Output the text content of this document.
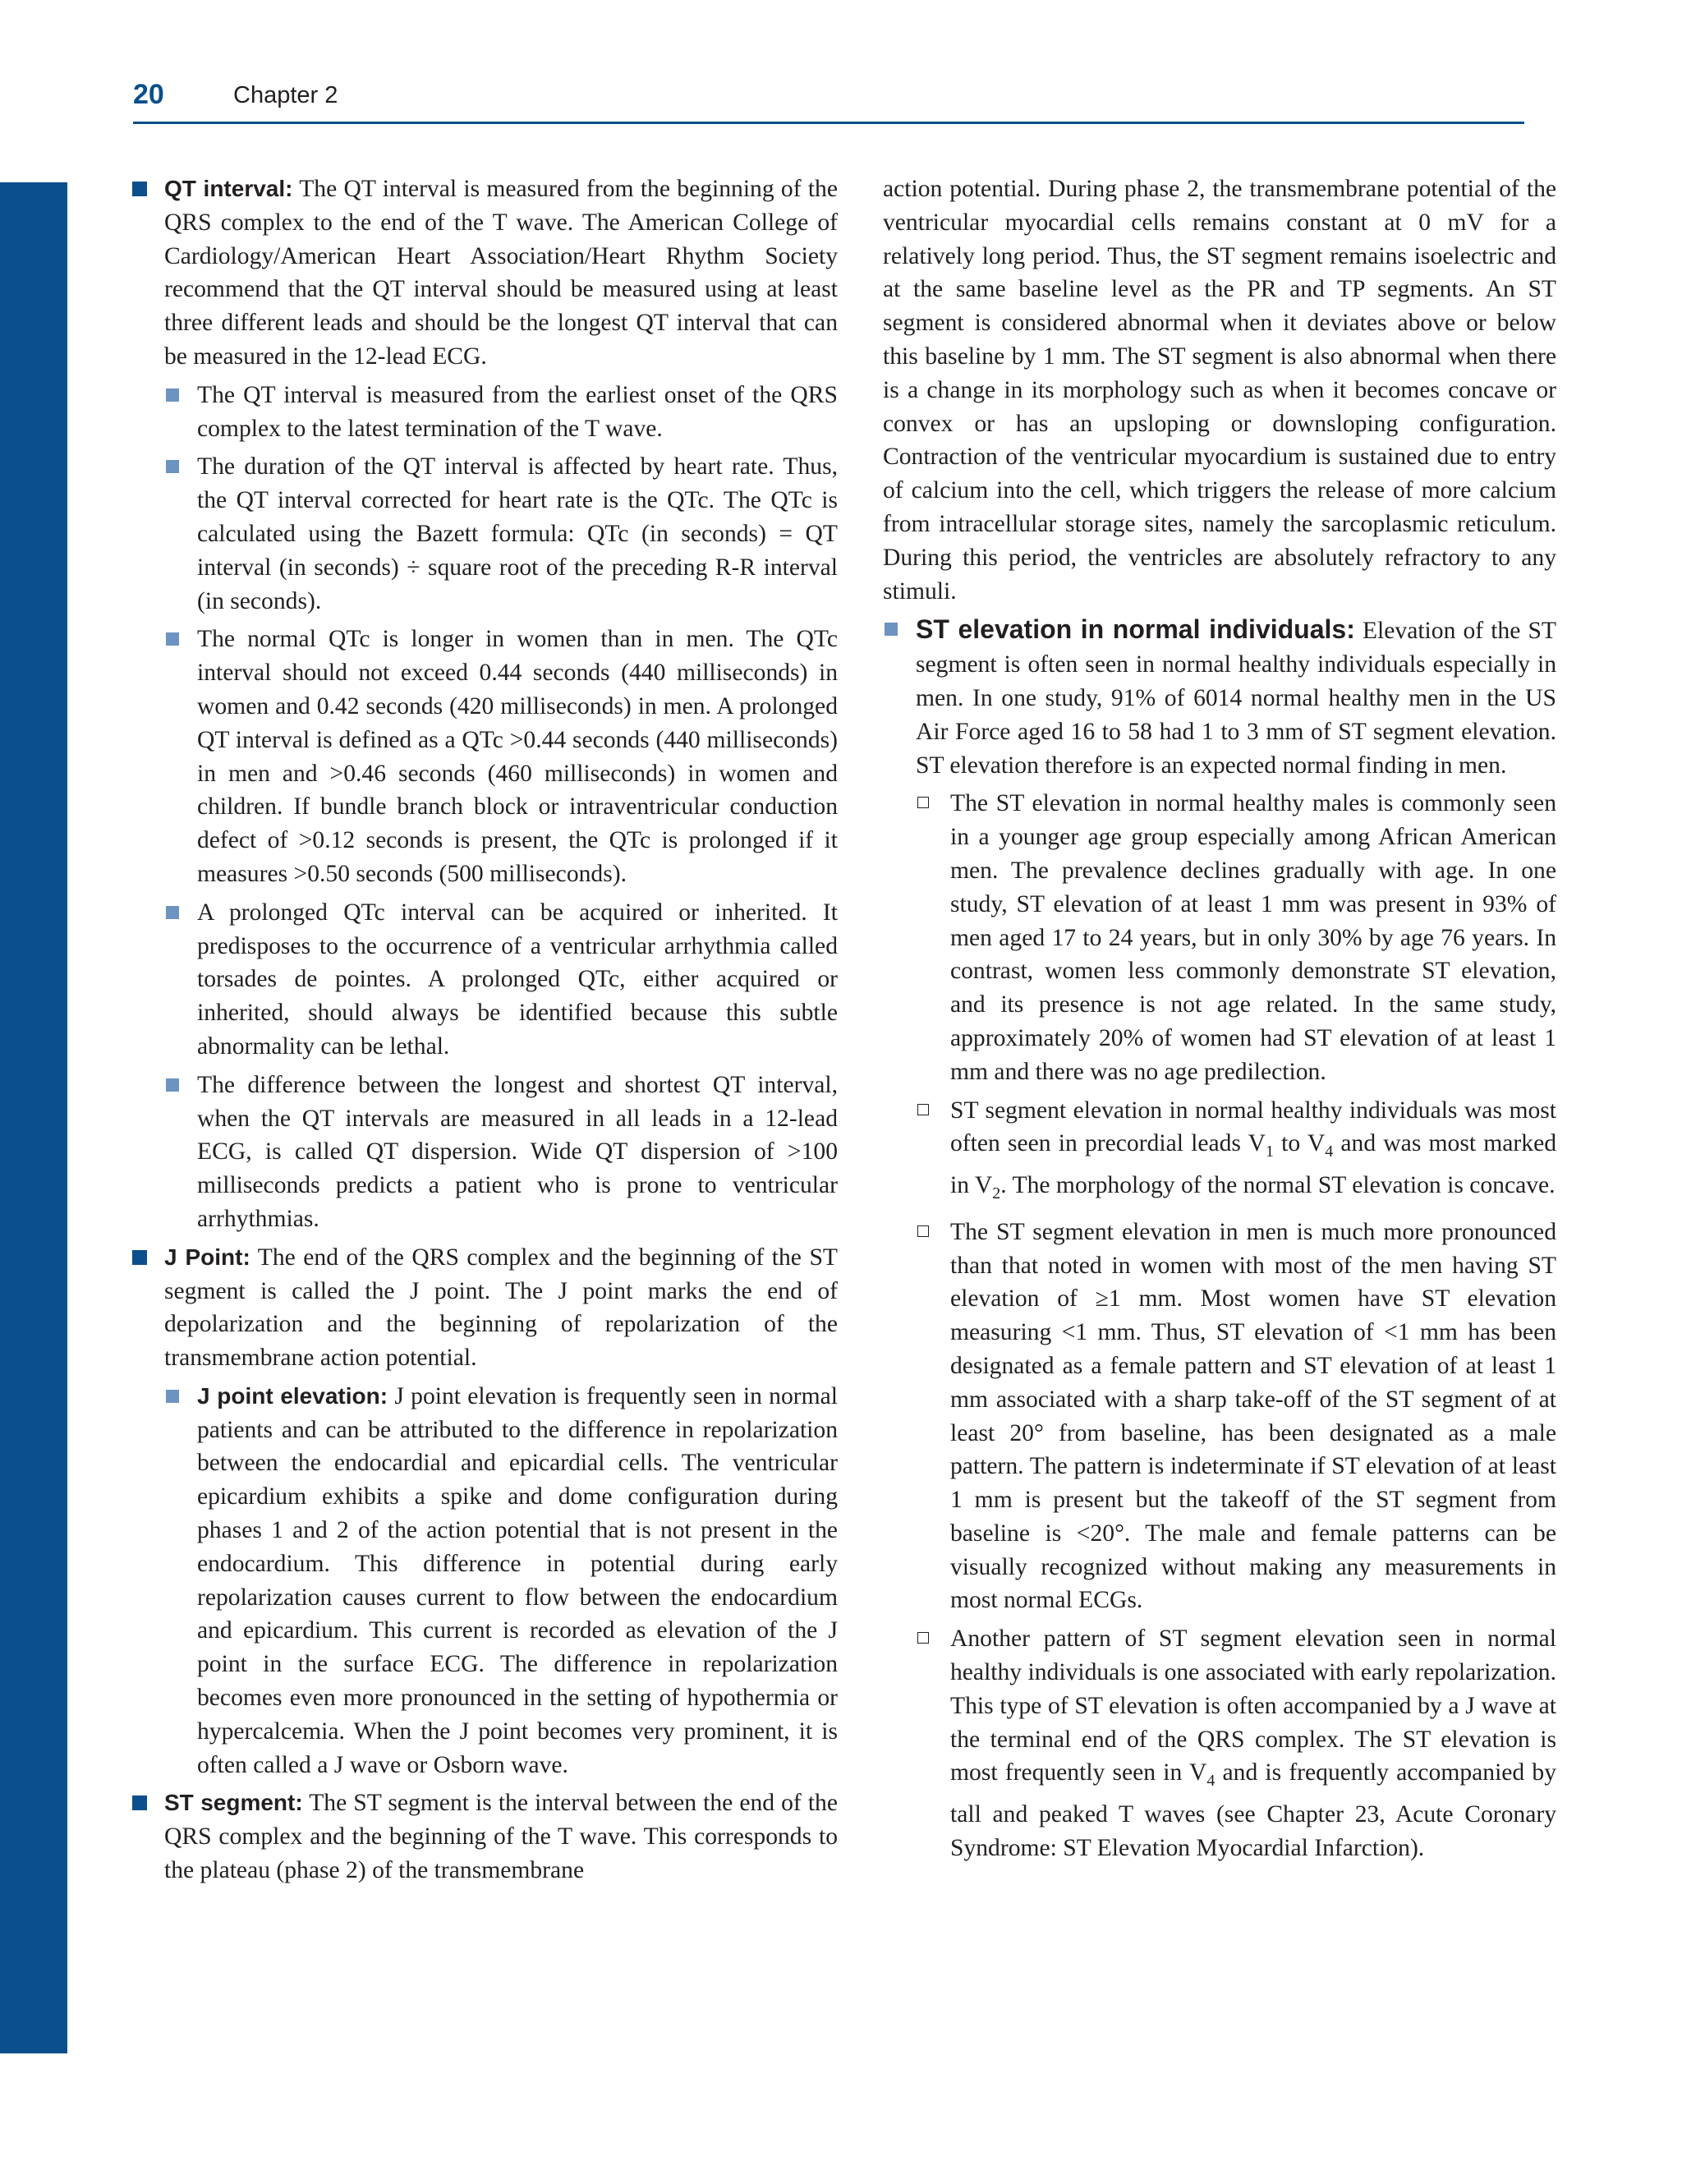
20	Chapter 2

QT interval: The QT interval is measured from the beginning of the QRS complex to the end of the T wave. The American College of Cardiology/American Heart Association/Heart Rhythm Society recommend that the QT interval should be measured using at least three different leads and should be the longest QT interval that can be measured in the 12-lead ECG.

The QT interval is measured from the earliest onset of the QRS complex to the latest termination of the T wave.

The duration of the QT interval is affected by heart rate. Thus, the QT interval corrected for heart rate is the QTc. The QTc is calculated using the Bazett formula: QTc (in seconds) = QT interval (in seconds) ÷ square root of the preceding R-R interval (in seconds).

The normal QTc is longer in women than in men. The QTc interval should not exceed 0.44 seconds (440 milliseconds) in women and 0.42 seconds (420 milliseconds) in men. A prolonged QT interval is defined as a QTc >0.44 seconds (440 milliseconds) in men and >0.46 seconds (460 milliseconds) in women and children. If bundle branch block or intraventricular conduction defect of >0.12 seconds is present, the QTc is prolonged if it measures >0.50 seconds (500 milliseconds).

A prolonged QTc interval can be acquired or inherited. It predisposes to the occurrence of a ventricular arrhythmia called torsades de pointes. A prolonged QTc, either acquired or inherited, should always be identified because this subtle abnormality can be lethal.

The difference between the longest and shortest QT interval, when the QT intervals are measured in all leads in a 12-lead ECG, is called QT dispersion. Wide QT dispersion of >100 milliseconds predicts a patient who is prone to ventricular arrhythmias.

J Point: The end of the QRS complex and the beginning of the ST segment is called the J point. The J point marks the end of depolarization and the beginning of repolarization of the transmembrane action potential.

J point elevation: J point elevation is frequently seen in normal patients and can be attributed to the difference in repolarization between the endocardial and epicardial cells. The ventricular epicardium exhibits a spike and dome configuration during phases 1 and 2 of the action potential that is not present in the endocardium. This difference in potential during early repolarization causes current to flow between the endocardium and epicardium. This current is recorded as elevation of the J point in the surface ECG. The difference in repolarization becomes even more pronounced in the setting of hypothermia or hypercalcemia. When the J point becomes very prominent, it is often called a J wave or Osborn wave.

ST segment: The ST segment is the interval between the end of the QRS complex and the beginning of the T wave. This corresponds to the plateau (phase 2) of the transmembrane

action potential. During phase 2, the transmembrane potential of the ventricular myocardial cells remains constant at 0 mV for a relatively long period. Thus, the ST segment remains isoelectric and at the same baseline level as the PR and TP segments. An ST segment is considered abnormal when it deviates above or below this baseline by 1 mm. The ST segment is also abnormal when there is a change in its morphology such as when it becomes concave or convex or has an upsloping or downsloping configuration. Contraction of the ventricular myocardium is sustained due to entry of calcium into the cell, which triggers the release of more calcium from intracellular storage sites, namely the sarcoplasmic reticulum. During this period, the ventricles are absolutely refractory to any stimuli.

ST elevation in normal individuals: Elevation of the ST segment is often seen in normal healthy individuals especially in men. In one study, 91% of 6014 normal healthy men in the US Air Force aged 16 to 58 had 1 to 3 mm of ST segment elevation. ST elevation therefore is an expected normal finding in men.

The ST elevation in normal healthy males is commonly seen in a younger age group especially among African American men. The prevalence declines gradually with age. In one study, ST elevation of at least 1 mm was present in 93% of men aged 17 to 24 years, but in only 30% by age 76 years. In contrast, women less commonly demonstrate ST elevation, and its presence is not age related. In the same study, approximately 20% of women had ST elevation of at least 1 mm and there was no age predilection.

ST segment elevation in normal healthy individuals was most often seen in precordial leads $V_1$ to $V_4$ and was most marked in $V_2$. The morphology of the normal ST elevation is concave.

The ST segment elevation in men is much more pronounced than that noted in women with most of the men having ST elevation of ≥1 mm. Most women have ST elevation measuring <1 mm. Thus, ST elevation of <1 mm has been designated as a female pattern and ST elevation of at least 1 mm associated with a sharp take-off of the ST segment of at least 20° from baseline, has been designated as a male pattern. The pattern is indeterminate if ST elevation of at least 1 mm is present but the takeoff of the ST segment from baseline is <20°. The male and female patterns can be visually recognized without making any measurements in most normal ECGs.

Another pattern of ST segment elevation seen in normal healthy individuals is one associated with early repolarization. This type of ST elevation is often accompanied by a J wave at the terminal end of the QRS complex. The ST elevation is most frequently seen in $V_4$ and is frequently accompanied by tall and peaked T waves (see Chapter 23, Acute Coronary Syndrome: ST Elevation Myocardial Infarction).
